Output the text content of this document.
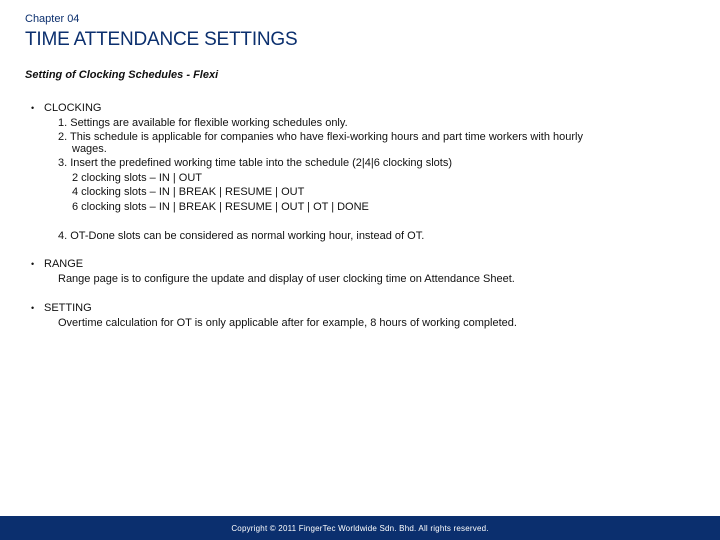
Chapter 04
TIME ATTENDANCE SETTINGS
Setting of Clocking Schedules - Flexi
• CLOCKING
1. Settings are available for flexible working schedules only.
2. This schedule is applicable for companies who have flexi-working hours and part time workers with hourly
wages.
3. Insert the predefined working time table into the schedule (2|4|6 clocking slots)
2 clocking slots – IN | OUT
4 clocking slots – IN | BREAK | RESUME | OUT
6 clocking slots – IN | BREAK | RESUME | OUT | OT | DONE
4. OT-Done slots can be considered as normal working hour, instead of OT.
• RANGE
Range page is to configure the update and display of user clocking time on Attendance Sheet.
• SETTING
Overtime calculation for OT is only applicable after for example, 8 hours of working completed.
Copyright © 2011 FingerTec Worldwide Sdn. Bhd. All rights reserved.
